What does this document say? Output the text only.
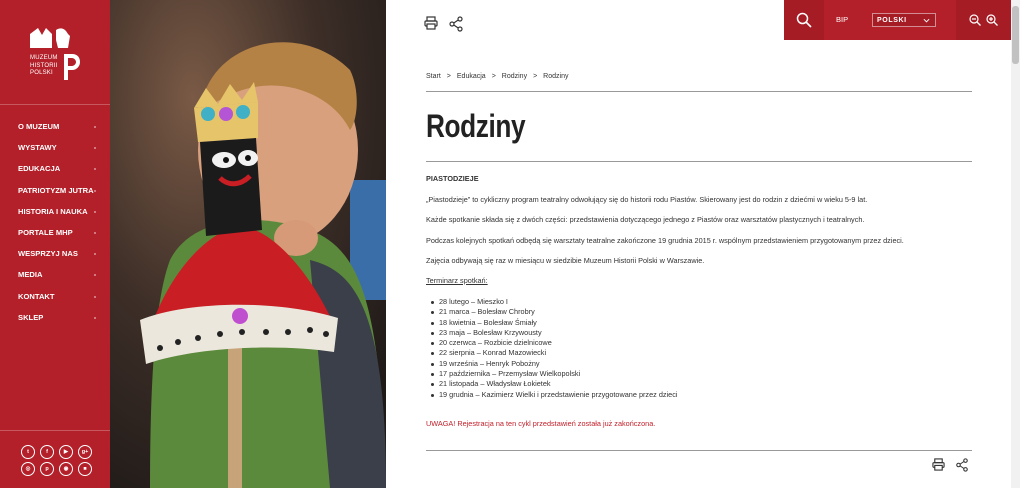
MUZEUM
HISTORII
POLSKI
O MUZEUM
WYSTAWY
EDUKACJA
PATRIOTYZM JUTRA
HISTORIA I NAUKA
PORTALE MHP
WESPRZYJ NAS
MEDIA
KONTAKT
SKLEP
t	f	▶	g+
◎	p	◉	■
BIP	POLSKI
Start > Edukacja > Rodziny > Rodziny
Rodziny

PIASTODZIEJE

„Piastodzieje” to cykliczny program teatralny odwołujący się do historii rodu Piastów. Skierowany jest do rodzin z dziećmi w wieku 5-9 lat.

Każde spotkanie składa się z dwóch części: przedstawienia dotyczącego jednego z Piastów oraz warsztatów plastycznych i teatralnych.

Podczas kolejnych spotkań odbędą się warsztaty teatralne zakończone 19 grudnia 2015 r. wspólnym przedstawieniem przygotowanym przez dzieci.

Zajęcia odbywają się raz w miesiącu w siedzibie Muzeum Historii Polski w Warszawie.

Terminarz spotkań:

28 lutego – Mieszko I
21 marca – Bolesław Chrobry
18 kwietnia – Bolesław Śmiały
23 maja – Bolesław Krzywousty
20 czerwca – Rozbicie dzielnicowe
22 sierpnia – Konrad Mazowiecki
19 września – Henryk Pobożny
17 października – Przemysław Wielkopolski
21 listopada – Władysław Łokietek
19 grudnia – Kazimierz Wielki i przedstawienie przygotowane przez dzieci
UWAGA! Rejestracja na ten cykl przedstawień została już zakończona.
